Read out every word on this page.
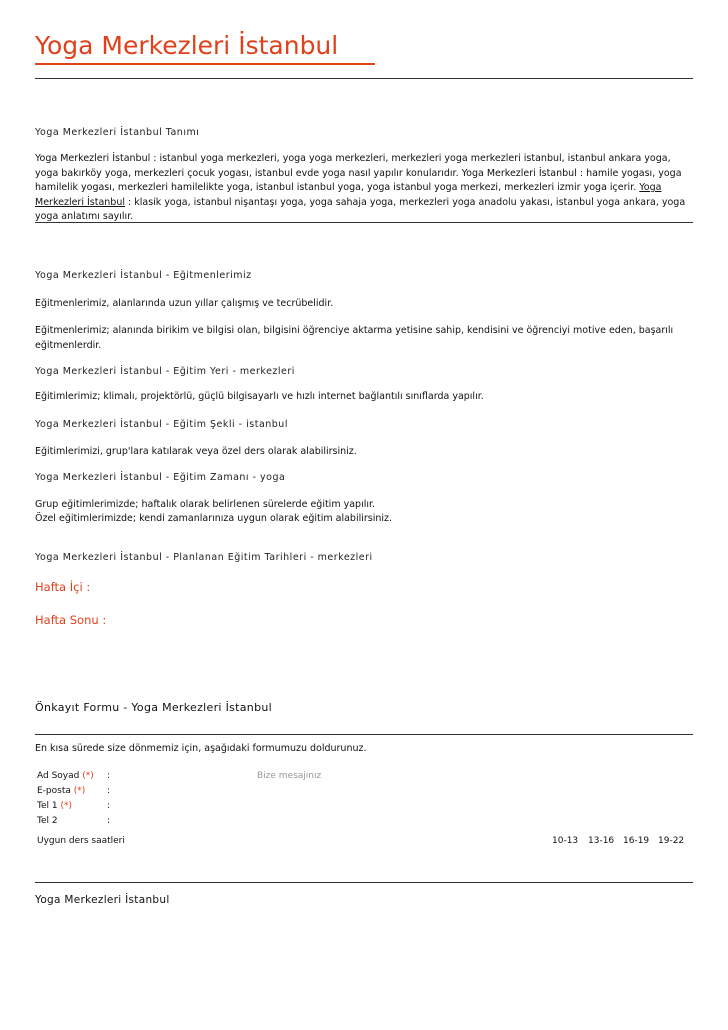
Yoga Merkezleri İstanbul
Yoga Merkezleri İstanbul Tanımı
Yoga Merkezleri İstanbul : istanbul yoga merkezleri, yoga yoga merkezleri, merkezleri yoga merkezleri istanbul, istanbul ankara yoga, yoga bakırköy yoga, merkezleri çocuk yogası, istanbul evde yoga nasıl yapılır konularıdır. Yoga Merkezleri İstanbul : hamile yogası, yoga hamilelik yogası, merkezleri hamilelikte yoga, istanbul istanbul yoga, yoga istanbul yoga merkezi, merkezleri izmir yoga içerir. Yoga Merkezleri İstanbul : klasik yoga, istanbul nişantaşı yoga, yoga sahaja yoga, merkezleri yoga anadolu yakası, istanbul yoga ankara, yoga yoga anlatımı sayılır.
Yoga Merkezleri İstanbul - Eğitmenlerimiz
Eğitmenlerimiz, alanlarında uzun yıllar çalışmış ve tecrübelidir.
Eğitmenlerimiz; alanında birikim ve bilgisi olan, bilgisini öğrenciye aktarma yetisine sahip, kendisini ve öğrenciyi motive eden, başarılı eğitmenlerdir.
Yoga Merkezleri İstanbul - Eğitim Yeri - merkezleri
Eğitimlerimiz; klimalı, projektörlü, güçlü bilgisayarlı ve hızlı internet bağlantılı sınıflarda yapılır.
Yoga Merkezleri İstanbul - Eğitim Şekli - istanbul
Eğitimlerimizi, grup'lara katılarak veya özel ders olarak alabilirsiniz.
Yoga Merkezleri İstanbul - Eğitim Zamanı - yoga
Grup eğitimlerimizde; haftalık olarak belirlenen sürelerde eğitim yapılır.
Özel eğitimlerimizde; kendi zamanlarınıza uygun olarak eğitim alabilirsiniz.
Yoga Merkezleri İstanbul - Planlanan Eğitim Tarihleri - merkezleri
Hafta İçi :
Hafta Sonu :
Önkayıt Formu - Yoga Merkezleri İstanbul
En kısa sürede size dönmemiz için, aşağıdaki formumuzu doldurunuz.
Ad Soyad (*) :	Bize mesajınız
E-posta (*) :
Tel 1 (*)	:
Tel 2	:
Uygun ders saatleri	10-13 13-16 16-19 19-22
Yoga Merkezleri İstanbul
